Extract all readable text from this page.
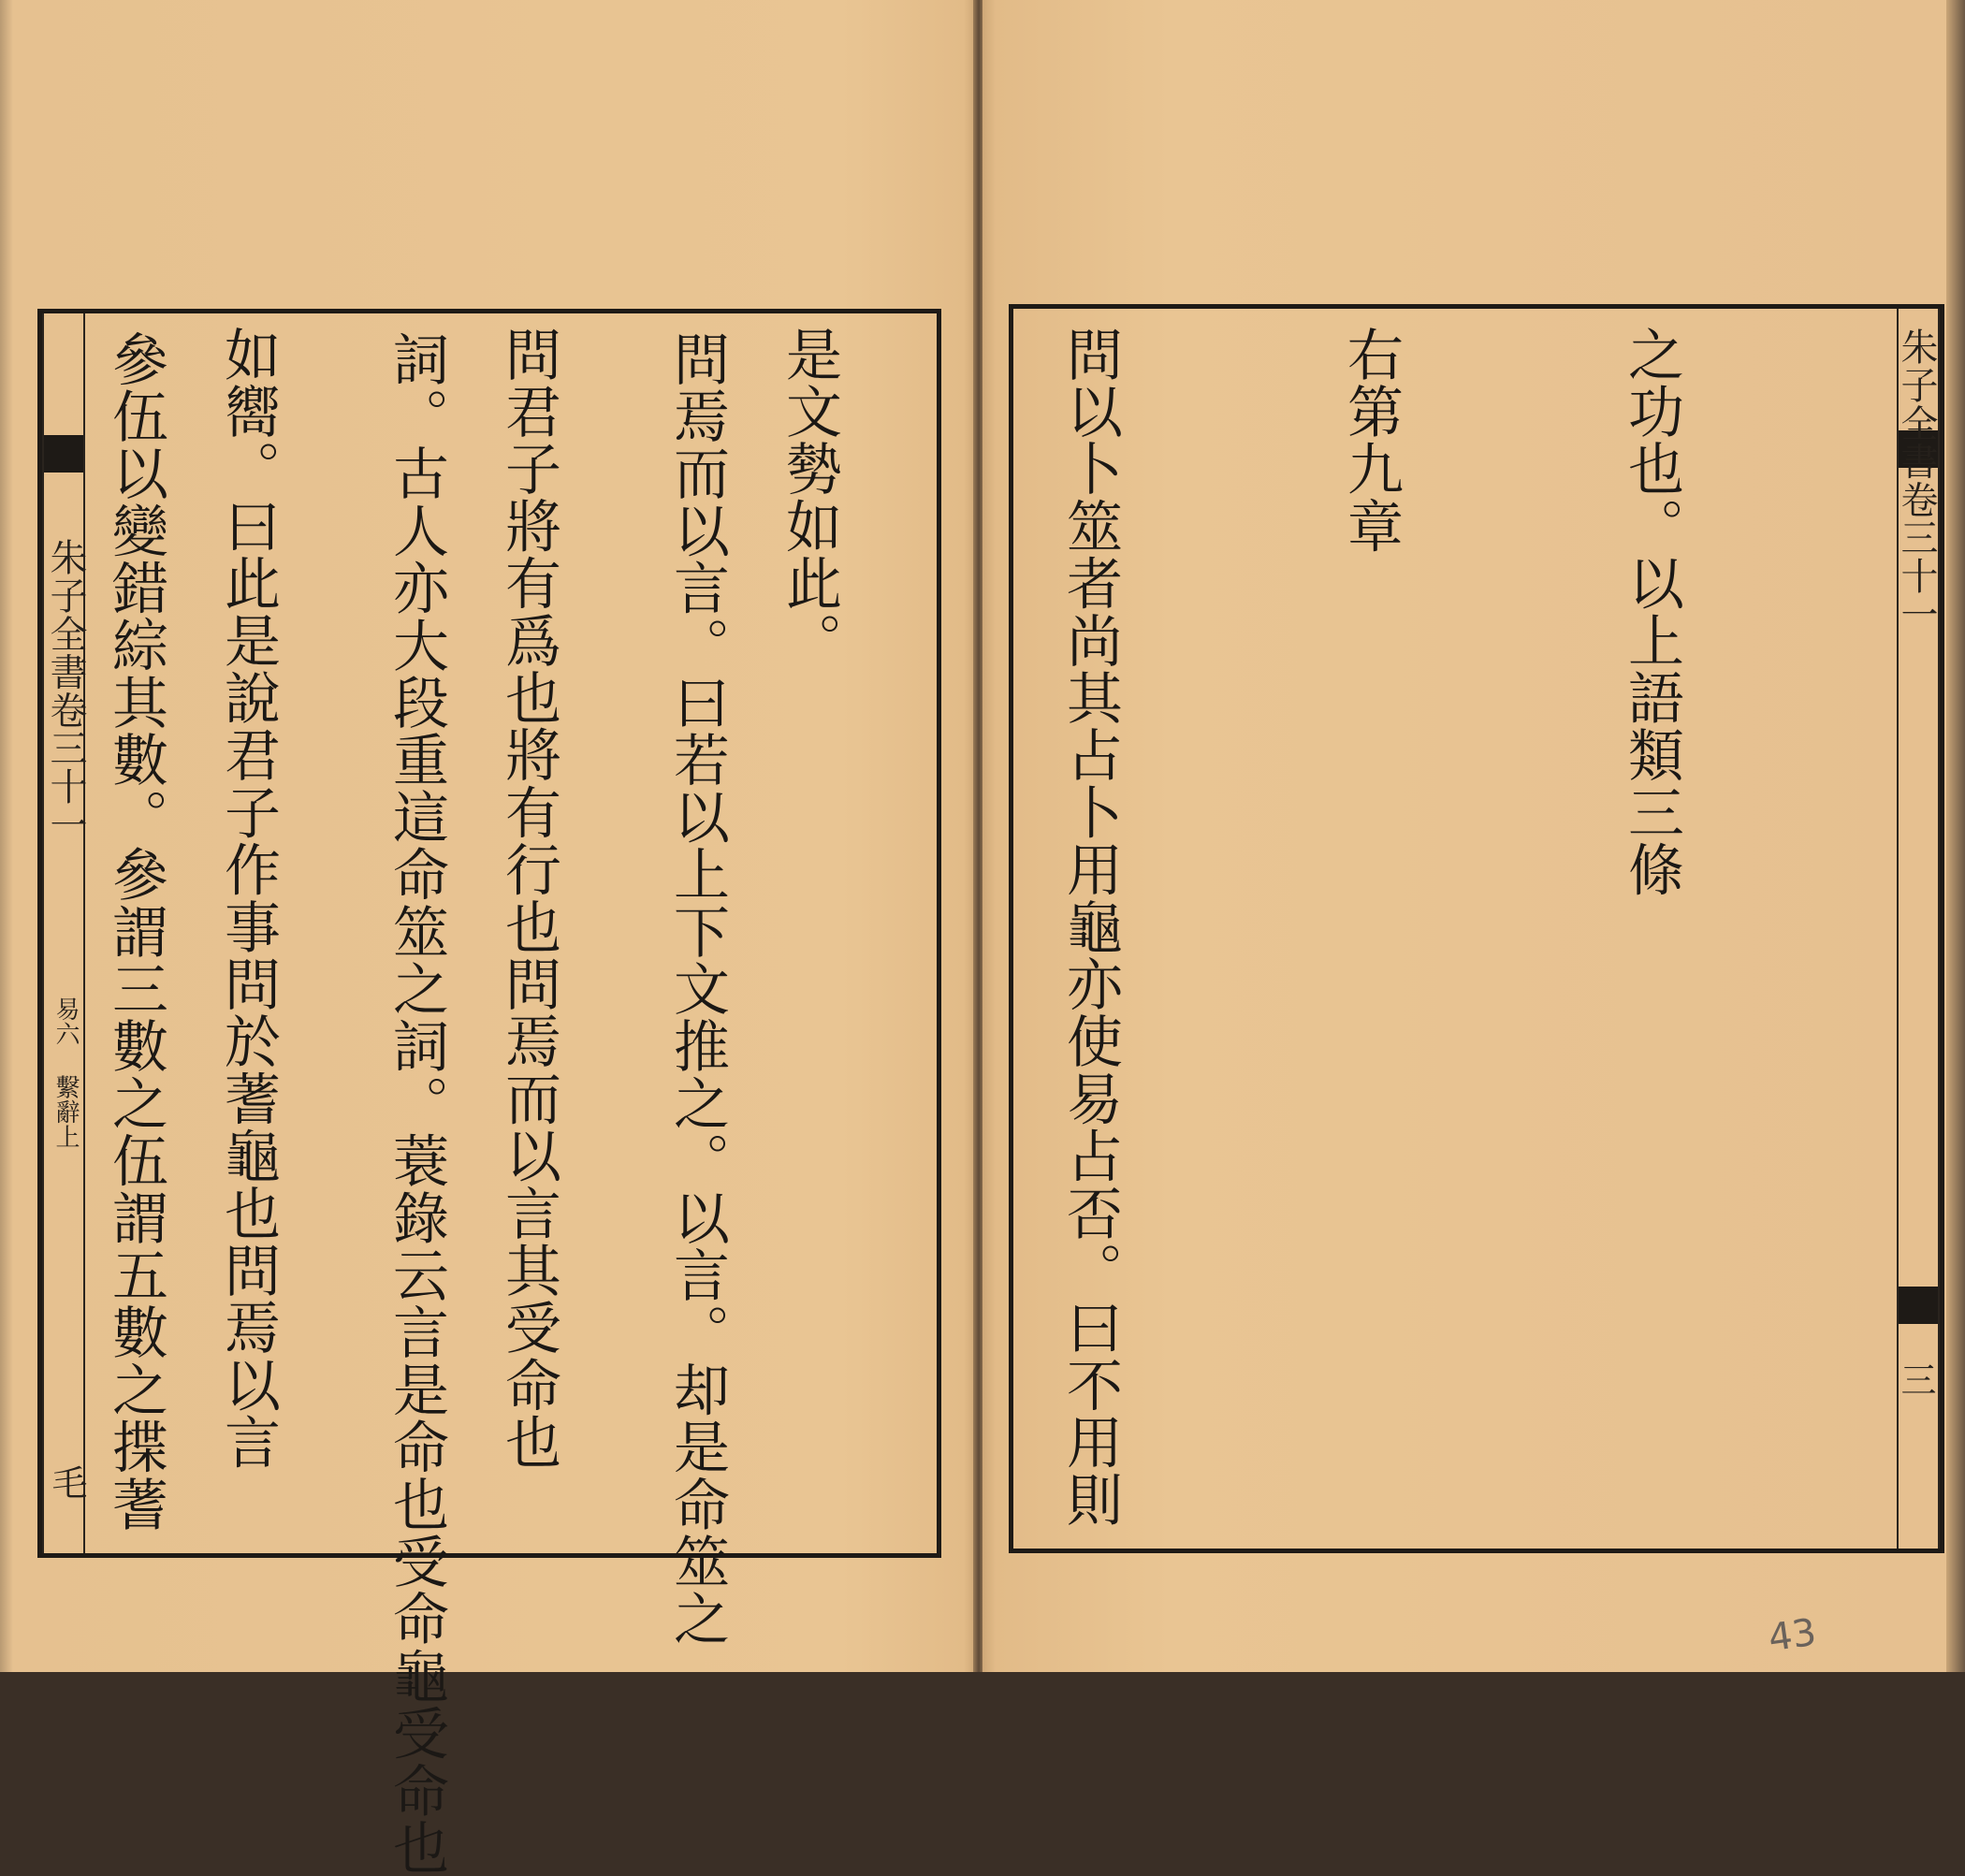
朱子全書卷三十一
易六 繫辭上
毛

	問焉而以言。曰若以上下文推之。以言。却是命筮之

詞。古人亦大段重這命筮之詞。蓑錄云言是命也受命龜受命也

參伍以變錯綜其數。參謂三數之伍謂五數之揲蓍

	朱子全書卷三十一
三

之功也。以上語類三條

右第九章

問以卜筮者尚其占卜用龜亦使易占否。曰不用則

是文勢如此。

問君子將有爲也將有行也問焉而以言其受命也

如嚮。曰此是說君子作事問於蓍龜也問焉以言

43
